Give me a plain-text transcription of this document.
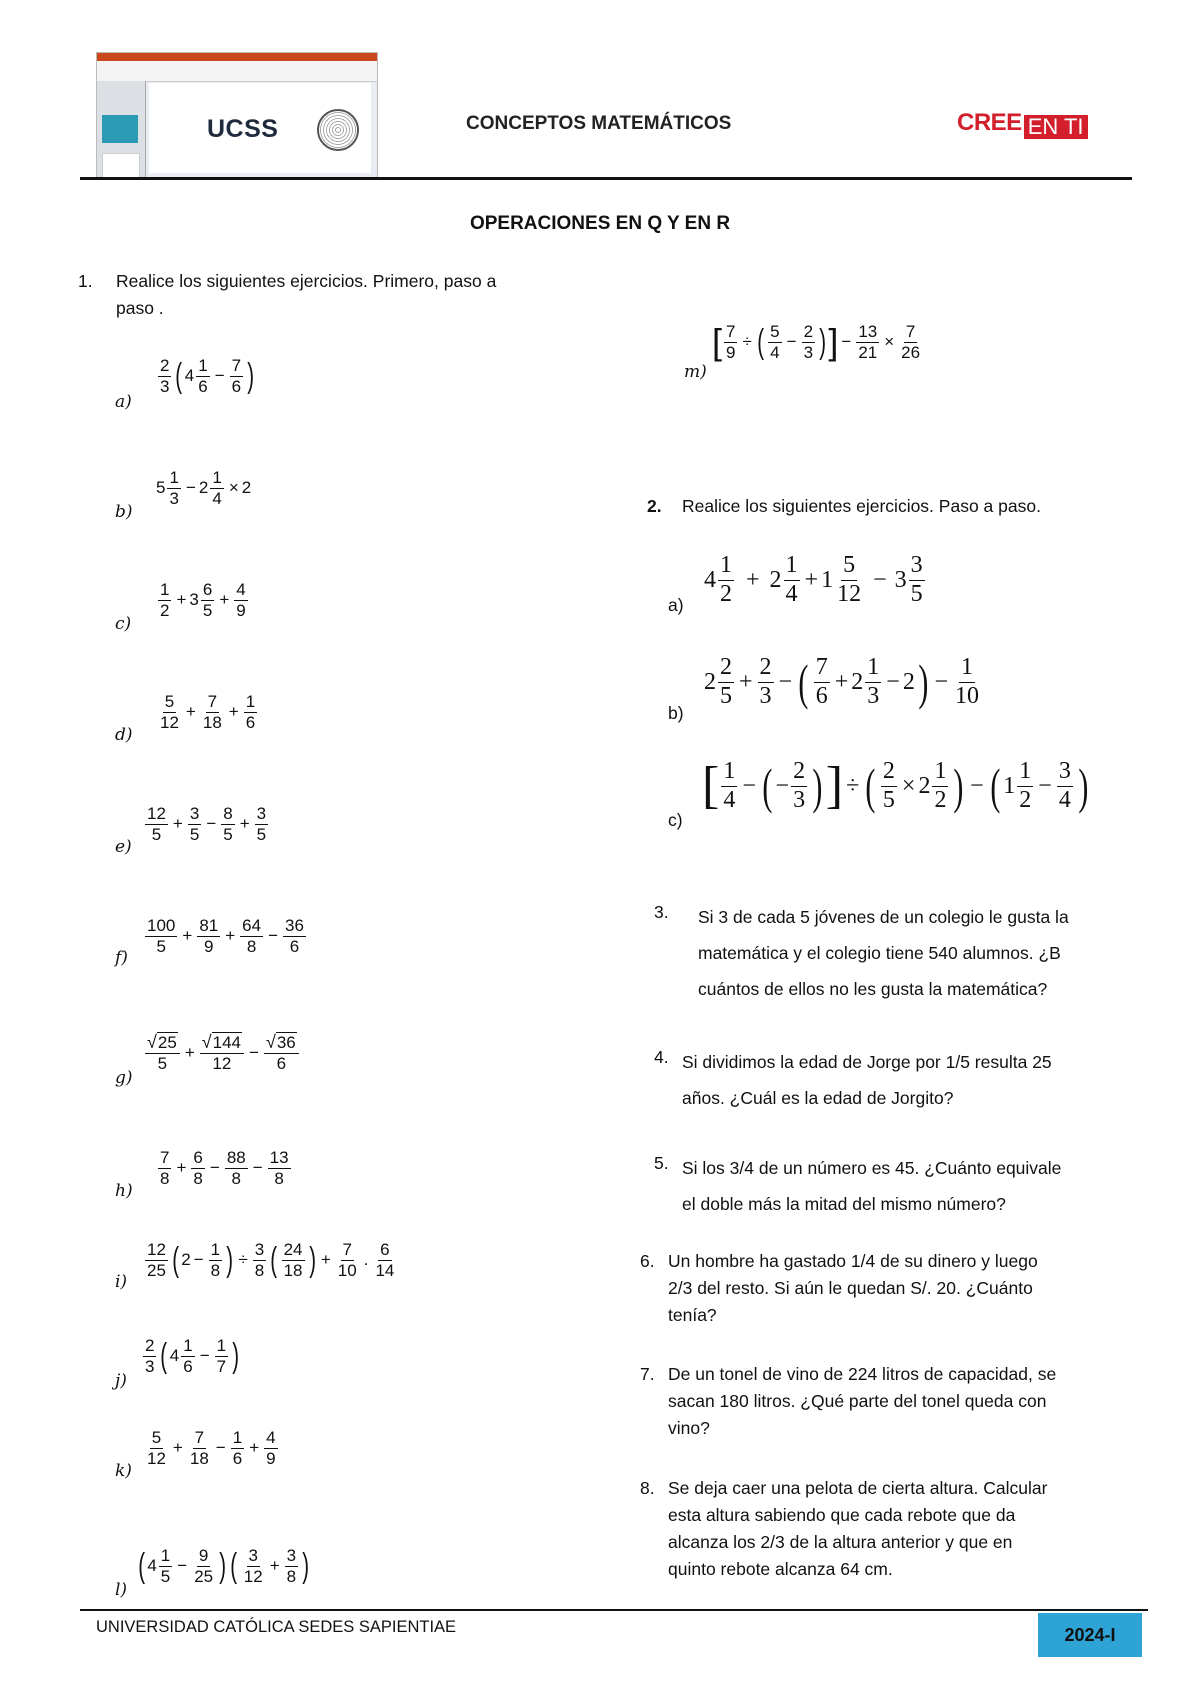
UCSS	CONCEPTOS MATEMÁTICOS	CREE EN TI
OPERACIONES EN Q Y EN R
1. Realice los siguientes ejercicios. Primero, paso a
paso .
a)
2
3 ( 4
1
6
− $\frac{7}{6}$ )
b)
5
1
3
− $2 \frac{1}{4} \times 2$
c)
1
2
+ 3
6
5
+ $\frac{4}{9}$
d)
5
12
+ $\frac{7}{18} + \frac{1}{6}$
e)
12
5
+ $\frac{3}{5} - \frac{8}{5} + \frac{3}{5}$
f)
100
5
+ $\frac{81}{9} + \frac{64}{8} - \frac{36}{6}$
g)
√ 25
5
+ $\frac{√ 144}{12} - \frac{√ 36}{6}$
h)
7
8
+ $\frac{6}{8} - \frac{88}{8} - \frac{13}{8}$
i)
12
25 ( $2 - \frac{1}{8}$ ) ÷ $\frac{3}{8}$ ( 24
18 ) + $\frac{7}{10}$ .
6
14
j)
2
3 ( 4
1
6
− $\frac{1}{7}$ )
k)
5
12
+ $\frac{7}{18} - \frac{1}{6} + \frac{4}{9}$
l)
( 4
1
5
− $\frac{9}{25}$ ) ( 3
12
+ $\frac{3}{8}$ )
m)
[ $\frac{7}{9}$ ÷ ( 5
4
− $\frac{2}{3}$ ) ] − $\frac{13}{21} \times \frac{7}{26}$
2. Realice los siguientes ejercicios. Paso a paso.
a)
4
1
2
+ 2
1
4
+ 1
5
12
− 3
3
5
b)
2
2
5
+ $\frac{2}{3}$ − ( 7
6
+ 2
1
3
− 2 ) − $\frac{1}{10}$
c)
[ 1
4
− ( − $\frac{2}{3}$ ) ] ÷ ( $\frac{2}{5} \times 2$
1
2 ) − ( 1
1
2
− $\frac{3}{4}$ )
3. Si 3 de cada 5 jóvenes de un colegio le gusta la
matemática y el colegio tiene 540 alumnos. ¿B
cuántos de ellos no les gusta la matemática?
4. Si dividimos la edad de Jorge por 1/5 resulta 25
años. ¿Cuál es la edad de Jorgito?
5. Si los 3/4 de un número es 45. ¿Cuánto equivale
el doble más la mitad del mismo número?
6. Un hombre ha gastado 1/4 de su dinero y luego
2/3 del resto. Si aún le quedan S/. 20. ¿Cuánto
tenía?
7. De un tonel de vino de 224 litros de capacidad, se
sacan 180 litros. ¿Qué parte del tonel queda con
vino?
8. Se deja caer una pelota de cierta altura. Calcular
esta altura sabiendo que cada rebote que da
alcanza los 2/3 de la altura anterior y que en
quinto rebote alcanza 64 cm.
UNIVERSIDAD CATÓLICA SEDES SAPIENTIAE	2024-I
